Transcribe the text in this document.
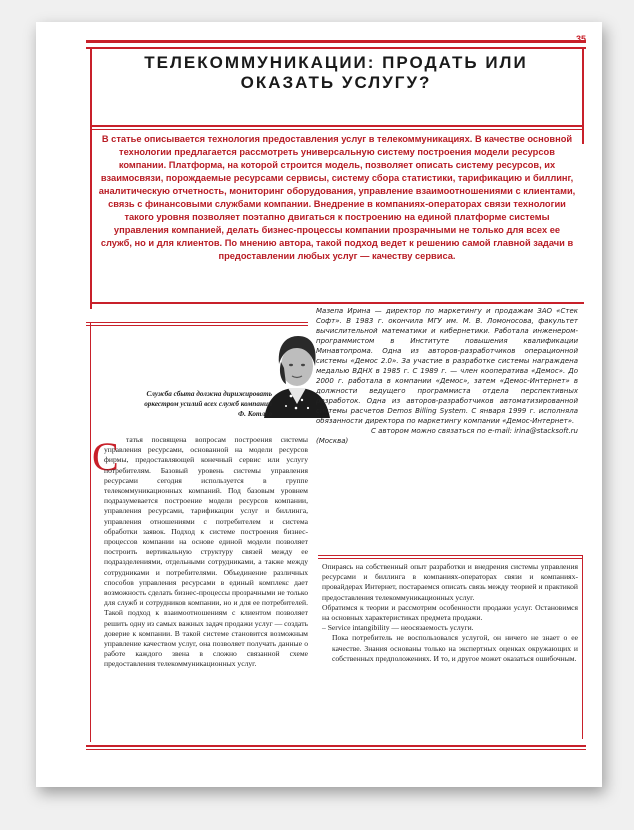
35
ТЕЛЕКОММУНИКАЦИИ: ПРОДАТЬ ИЛИ ОКАЗАТЬ УСЛУГУ?
В статье описывается технология предоставления услуг в телекоммуникациях. В качестве основной технологии предлагается рассмотреть универсальную систему построения модели ресурсов компании. Платформа, на которой строится модель, позволяет описать систему ресурсов, их взаимосвязи, порождаемые ресурсами сервисы, систему сбора статистики, тарификацию и биллинг, аналитическую отчетность, мониторинг оборудования, управление взаимоотношениями с клиентами, связь с финансовыми службами компании. Внедрение в компаниях-операторах связи технологии такого уровня позволяет поэтапно двигаться к построению на единой платформе системы управления компанией, делать бизнес-процессы компании прозрачными не только для всех ее служб, но и для клиентов. По мнению автора, такой подход ведет к решению самой главной задачи в предоставлении любых услуг — качеству сервиса.
Мазепа Ирина — директор по маркетингу и продажам ЗАО «Стек Софт». В 1983 г. окончила МГУ им. М. В. Ломоносова, факультет вычислительной математики и кибернетики. Работала инженером-программистом в Институте повышения квалификации Минавтопрома. Одна из авторов-разработчиков операционной системы «Демос 2.0». За участие в разработке системы награждена медалью ВДНХ в 1985 г. С 1989 г. — член кооператива «Демос». До 2000 г. работала в компании «Демос», затем «Демос-Интернет» в должности ведущего программиста отдела перспективных разработок. Одна из авторов-разработчиков автоматизированной системы расчетов Demos Billing System. С января 1999 г. исполняла обязанности директора по маркетингу компании «Демос-Интернет».
С автором можно связаться по e-mail: irina@stacksoft.ru
(Москва)
Служба сбыта должна дирижировать оркестром усилий всех служб компании
Ф. Котлер
С татья посвящена вопросам построения системы управления ресурсами, основанной на модели ресурсов фирмы, предоставляющей конечный сервис или услугу потребителям. Базовый уровень системы управления ресурсами сегодня используется в группе телекоммуникационных компаний. Под базовым уровнем подразумевается построение модели ресурсов компании, управления ресурсами, тарификации услуг и биллинга, управления отношениями с потребителем и система обработки заявок. Подход к системе построения бизнес-процессов компании на основе единой модели позволяет построить вертикальную структуру связей между ее подразделениями, отдельными сотрудниками, а также между сотрудниками и потребителями. Объединение различных способов управления ресурсами в единый комплекс дает возможность сделать бизнес-процессы прозрачными не только для служб и сотрудников компании, но и для ее потребителей. Такой подход к взаимоотношениям с клиентом позволяет решить одну из самых важных задач продажи услуг — создать доверие к компании. В такой системе становится возможным управление качеством услуг, она позволяет получать данные о работе каждого звена в сложно связанной схеме предоставления телекоммуникационных услуг.

Опираясь на собственный опыт разработки и внедрения системы управления ресурсами и биллинга в компаниях-операторах связи и компаниях-провайдерах Интернет, постараемся описать связь между теорией и практикой предоставления телекоммуникационных услуг.

Обратимся к теории и рассмотрим особенности продажи услуг. Остановимся на основных характеристиках предмета продажи.

– Service intangibility — неосязаемость услуги.

Пока потребитель не воспользовался услугой, он ничего не знает о ее качестве. Знания основаны только на экспертных оценках окружающих и собственных предположениях. И то, и другое может оказаться ошибочным.
